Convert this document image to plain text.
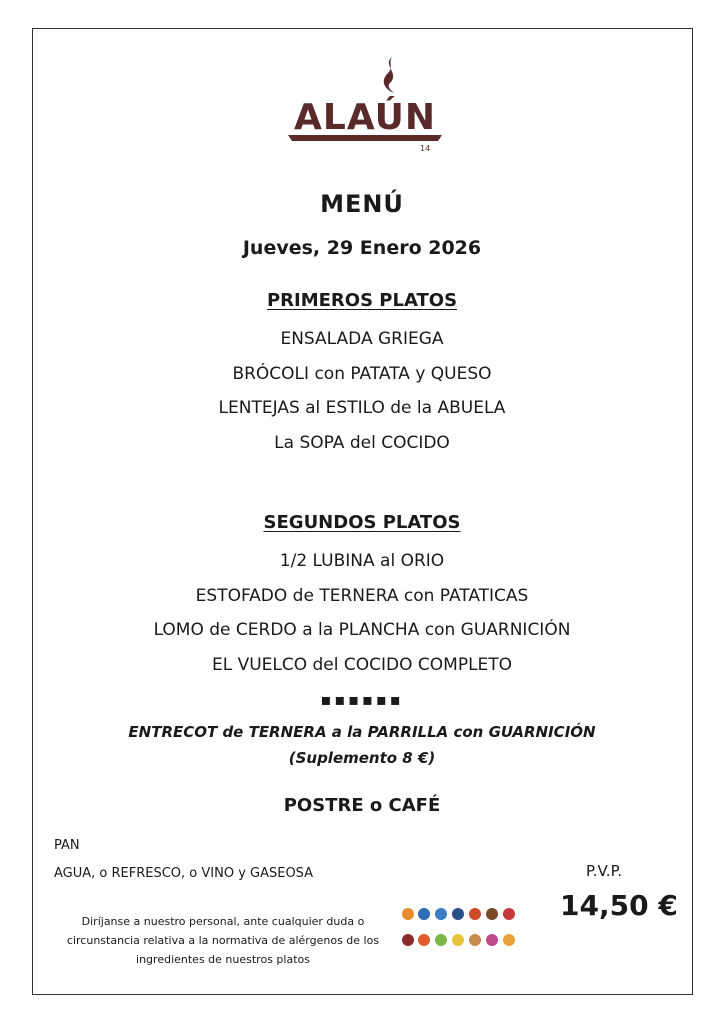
ALAÚN
14
MENÚ
Jueves, 29 Enero 2026
PRIMEROS PLATOS
ENSALADA GRIEGA
BRÓCOLI con PATATA y QUESO
LENTEJAS al ESTILO de la ABUELA
La SOPA del COCIDO
SEGUNDOS PLATOS
1/2 LUBINA al ORIO
ESTOFADO de TERNERA con PATATICAS
LOMO de CERDO a la PLANCHA con GUARNICIÓN
EL VUELCO del COCIDO COMPLETO
▪▪▪▪▪▪
ENTRECOT de TERNERA a la PARRILLA con GUARNICIÓN
(Suplemento 8 €)
POSTRE o CAFÉ
PAN
AGUA, o REFRESCO, o VINO y GASEOSA	P.V.P.
14,50 €
Diríjanse a nuestro personal, ante cualquier duda o circunstancia relativa a la normativa de alérgenos de los ingredientes de nuestros platos
